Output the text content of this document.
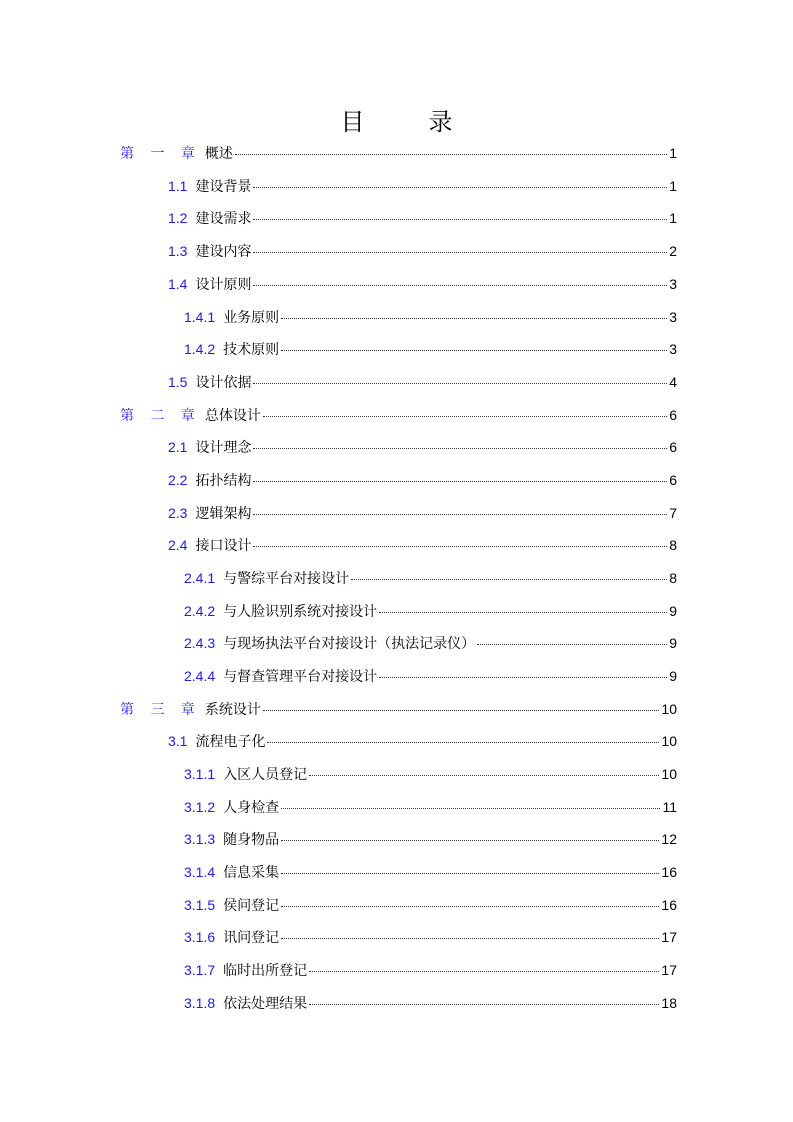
目　录
第 一 章 概述	1
1.1 建设背景	1
1.2 建设需求	1
1.3 建设内容	2
1.4 设计原则	3
1.4.1 业务原则	3
1.4.2 技术原则	3
1.5 设计依据	4
第 二 章 总体设计	6
2.1 设计理念	6
2.2 拓扑结构	6
2.3 逻辑架构	7
2.4 接口设计	8
2.4.1 与警综平台对接设计	8
2.4.2 与人脸识别系统对接设计	9
2.4.3 与现场执法平台对接设计（执法记录仪）	9
2.4.4 与督查管理平台对接设计	9
第 三 章 系统设计	10
3.1 流程电子化	10
3.1.1 入区人员登记	10
3.1.2 人身检查	11
3.1.3 随身物品	12
3.1.4 信息采集	16
3.1.5 侯问登记	16
3.1.6 讯问登记	17
3.1.7 临时出所登记	17
3.1.8 依法处理结果	18
